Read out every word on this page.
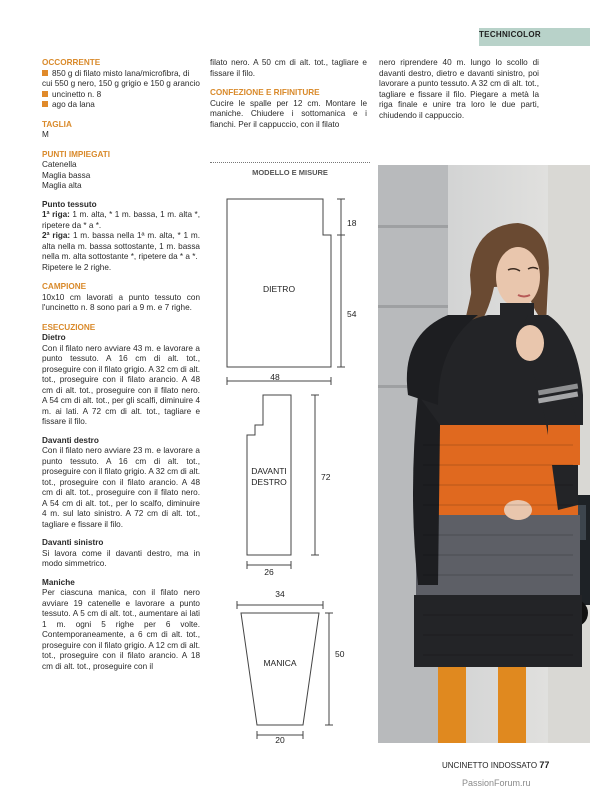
TECHNICOLOR
OCCORRENTE

850 g di filato misto lana/microfibra, di cui 550 g nero, 150 g grigio e 150 g arancio

uncinetto n. 8

ago da lana

TAGLIA

M

PUNTI IMPIEGATI

Catenella

Maglia bassa

Maglia alta

Punto tessuto

1ª riga: 1 m. alta, * 1 m. bassa, 1 m. alta *, ripetere da * a *.

2ª riga: 1 m. bassa nella 1ª m. alta, * 1 m. alta nella m. bassa sottostante, 1 m. bassa nella m. alta sottostante *, ripetere da * a *.

Ripetere le 2 righe.

CAMPIONE

10x10 cm lavorati a punto tessuto con l'uncinetto n. 8 sono pari a 9 m. e 7 righe.

ESECUZIONE

Dietro

Con il filato nero avviare 43 m. e lavorare a punto tessuto. A 16 cm di alt. tot., proseguire con il filato grigio. A 32 cm di alt. tot., proseguire con il filato arancio. A 48 cm di alt. tot., proseguire con il filato nero. A 54 cm di alt. tot., per gli scalfi, diminuire 4 m. ai lati. A 72 cm di alt. tot., tagliare e fissare il filo.

Davanti destro

Con il filato nero avviare 23 m. e lavorare a punto tessuto. A 16 cm di alt. tot., proseguire con il filato grigio. A 32 cm di alt. tot., proseguire con il filato arancio. A 48 cm di alt. tot., proseguire con il filato nero. A 54 cm di alt. tot., per lo scalfo, diminuire 4 m. sul lato sinistro. A 72 cm di alt. tot., tagliare e fissare il filo.

Davanti sinistro

Si lavora come il davanti destro, ma in modo simmetrico.

Maniche

Per ciascuna manica, con il filato nero avviare 19 catenelle e lavorare a punto tessuto. A 5 cm di alt. tot., aumentare ai lati 1 m. ogni 5 righe per 6 volte. Contemporaneamente, a 6 cm di alt. tot., proseguire con il filato grigio. A 12 cm di alt. tot., proseguire con il filato arancio. A 18 cm di alt. tot., proseguire con il

filato nero. A 50 cm di alt. tot., tagliare e fissare il filo.

CONFEZIONE E RIFINITURE

Cucire le spalle per 12 cm. Montare le maniche. Chiudere i sottomanica e i fianchi. Per il cappuccio, con il filato

nero riprendere 40 m. lungo lo scollo di davanti destro, dietro e davanti sinistro, poi lavorare a punto tessuto. A 32 cm di alt. tot., tagliare e fissare il filo. Piegare a metà la riga finale e unire tra loro le due parti, chiudendo il cappuccio.

MODELLO E MISURE
18
54
DIETRO
48
72
DAVANTI
DESTRO
26
34
50
MANICA
20
UNCINETTO INDOSSATO 77
PassionForum.ru
